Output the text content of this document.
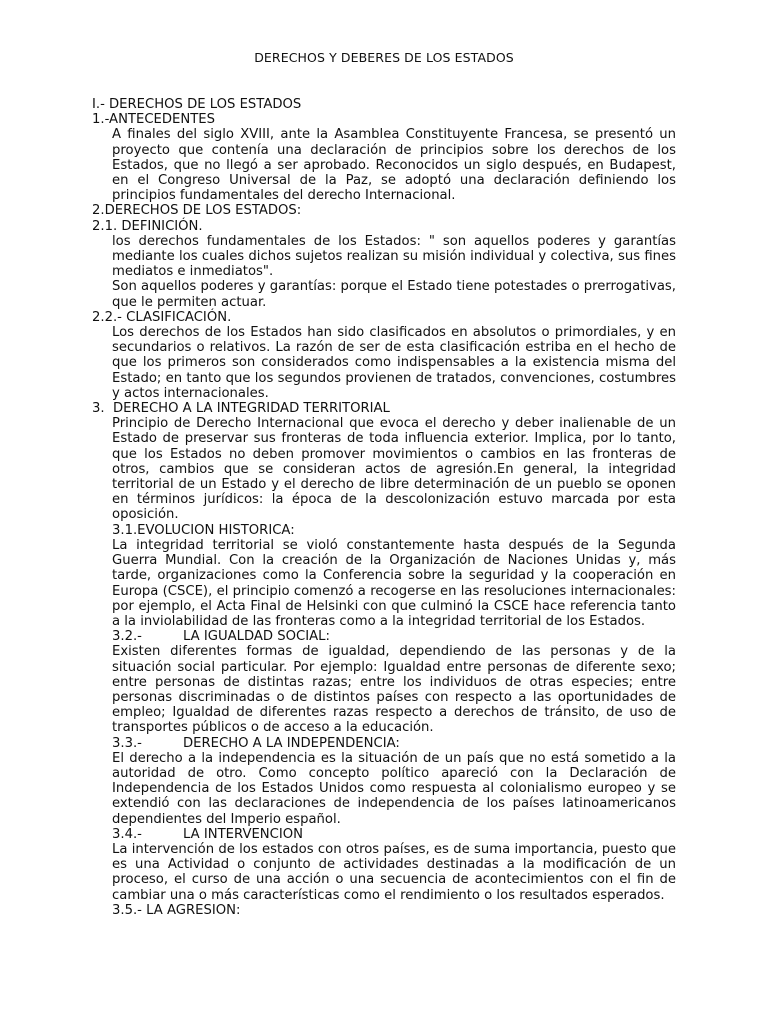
DERECHOS Y DEBERES DE LOS ESTADOS
I.- DERECHOS DE LOS ESTADOS
1.-ANTECEDENTES

A finales del siglo XVIII, ante la Asamblea Constituyente Francesa, se presentó un proyecto que contenía una declaración de principios sobre los derechos de los Estados, que no llegó a ser aprobado. Reconocidos un siglo después, en Budapest, en el Congreso Universal de la Paz, se adoptó una declaración definiendo los principios fundamentales del derecho Internacional.

2.DERECHOS DE LOS ESTADOS:
2.1. DEFINICIÓN.

los derechos fundamentales de los Estados: " son aquellos poderes y garantías mediante los cuales dichos sujetos realizan su misión individual y colectiva, sus fines mediatos e inmediatos".

Son aquellos poderes y garantías: porque el Estado tiene potestades o prerrogativas, que le permiten actuar.

2.2.- CLASIFICACIÓN.

Los derechos de los Estados han sido clasificados en absolutos o primordiales, y en secundarios o relativos. La razón de ser de esta clasificación estriba en el hecho de que los primeros son considerados como indispensables a la existencia misma del Estado; en tanto que los segundos provienen de tratados, convenciones, costumbres y actos internacionales.

3.  DERECHO A LA INTEGRIDAD TERRITORIAL

Principio de Derecho Internacional que evoca el derecho y deber inalienable de un Estado de preservar sus fronteras de toda influencia exterior. Implica, por lo tanto, que los Estados no deben promover movimientos o cambios en las fronteras de otros, cambios que se consideran actos de agresión.En general, la integridad territorial de un Estado y el derecho de libre determinación de un pueblo se oponen en términos jurídicos: la época de la descolonización estuvo marcada por esta oposición.

3.1.EVOLUCION HISTORICA:

La integridad territorial se violó constantemente hasta después de la Segunda Guerra Mundial. Con la creación de la Organización de Naciones Unidas y, más tarde, organizaciones como la Conferencia sobre la seguridad y la cooperación en Europa (CSCE), el principio comenzó a recogerse en las resoluciones internacionales: por ejemplo, el Acta Final de Helsinki con que culminó la CSCE hace referencia tanto a la inviolabilidad de las fronteras como a la integridad territorial de los Estados.

3.2.-	LA IGUALDAD SOCIAL:

Existen diferentes formas de igualdad, dependiendo de las personas y de la situación social particular. Por ejemplo: Igualdad entre personas de diferente sexo; entre personas de distintas razas; entre los individuos de otras especies; entre personas discriminadas o de distintos países con respecto a las oportunidades de empleo; Igualdad de diferentes razas respecto a derechos de tránsito, de uso de transportes públicos o de acceso a la educación.

3.3.-	DERECHO A LA INDEPENDENCIA:

El derecho a la independencia es la situación de un país que no está sometido a la autoridad de otro. Como concepto político apareció con la Declaración de Independencia de los Estados Unidos como respuesta al colonialismo europeo y se extendió con las declaraciones de independencia de los países latinoamericanos dependientes del Imperio español.

3.4.-	LA INTERVENCION

La intervención de los estados con otros países, es de suma importancia, puesto que es una Actividad o conjunto de actividades destinadas a la modificación de un proceso, el curso de una acción o una secuencia de acontecimientos con el fin de cambiar una o más características como el rendimiento o los resultados esperados.

3.5.- LA AGRESION:
